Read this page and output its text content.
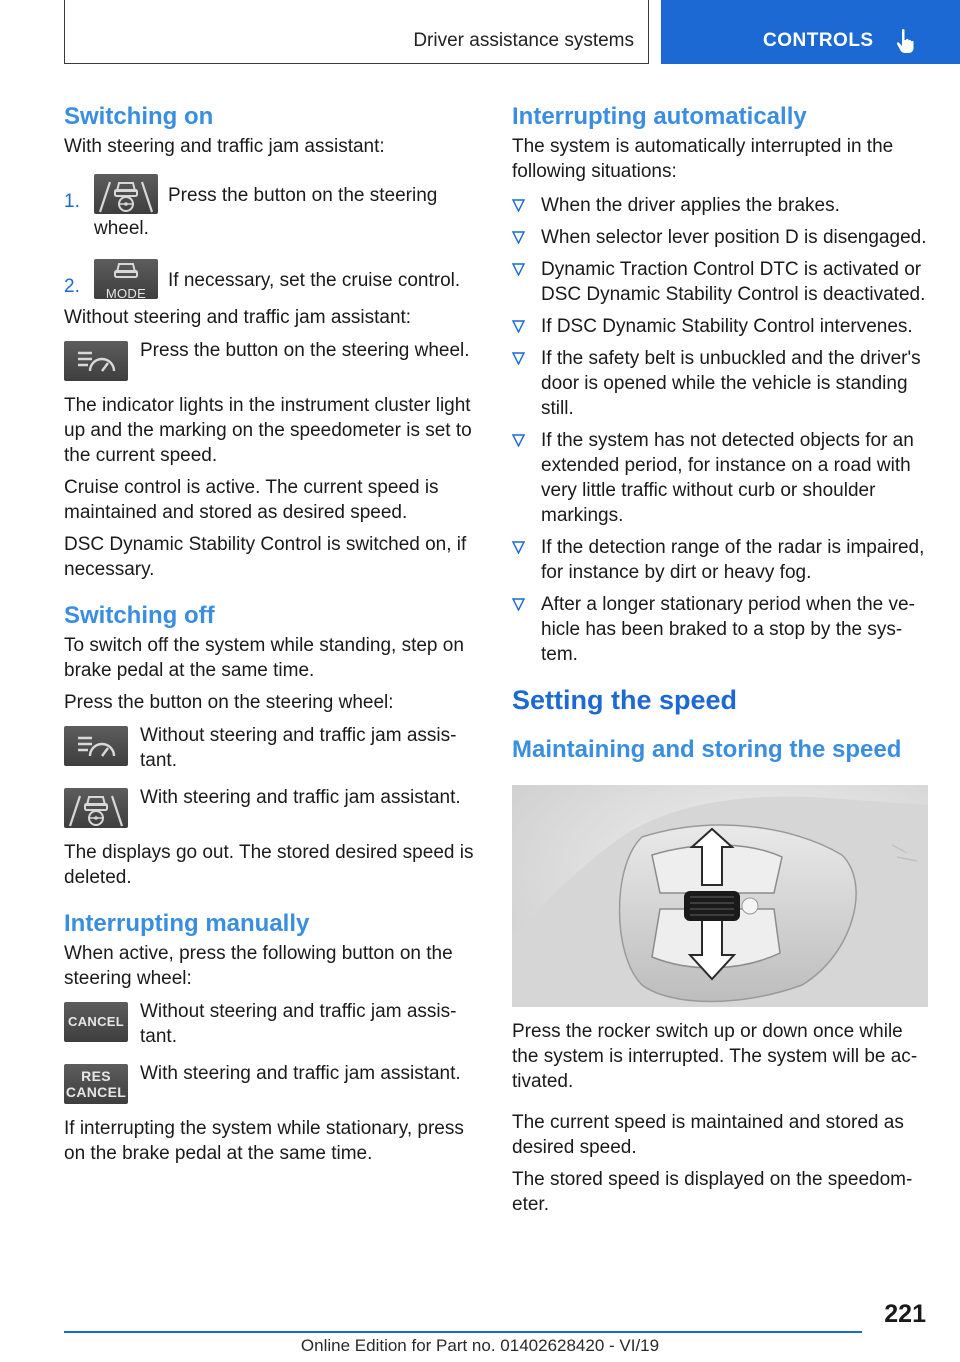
Driver assistance systems	CONTROLS
Switching on

With steering and traffic jam assistant:

1.	Press the button on the steering wheel.
2.	MODE
If necessary, set the cruise control.

Without steering and traffic jam assistant:

Press the button on the steering wheel.

The indicator lights in the instrument cluster light up and the marking on the speedometer is set to the current speed.

Cruise control is active. The current speed is maintained and stored as desired speed.

DSC Dynamic Stability Control is switched on, if necessary.

Switching off

To switch off the system while standing, step on brake pedal at the same time.

Press the button on the steering wheel:

Without steering and traffic jam assistant.
With steering and traffic jam assistant.

The displays go out. The stored desired speed is deleted.

Interrupting manually

When active, press the following button on the steering wheel:

CANCEL Without steering and traffic jam assistant.
RES
CANCEL
With steering and traffic jam assistant.

If interrupting the system while stationary, press on the brake pedal at the same time.

Interrupting automatically

The system is automatically interrupted in the following situations:

When the driver applies the brakes.
When selector lever position D is disengaged.
Dynamic Traction Control DTC is activated or DSC Dynamic Stability Control is deactivated.
If DSC Dynamic Stability Control intervenes.
If the safety belt is unbuckled and the driver's door is opened while the vehicle is standing still.
If the system has not detected objects for an extended period, for instance on a road with very little traffic without curb or shoulder markings.
If the detection range of the radar is impaired, for instance by dirt or heavy fog.
After a longer stationary period when the vehicle has been braked to a stop by the system.
Setting the speed
Maintaining and storing the speed

Press the rocker switch up or down once while the system is interrupted. The system will be activated.

The current speed is maintained and stored as desired speed.

The stored speed is displayed on the speedometer.

221
Online Edition for Part no. 01402628420 - VI/19
